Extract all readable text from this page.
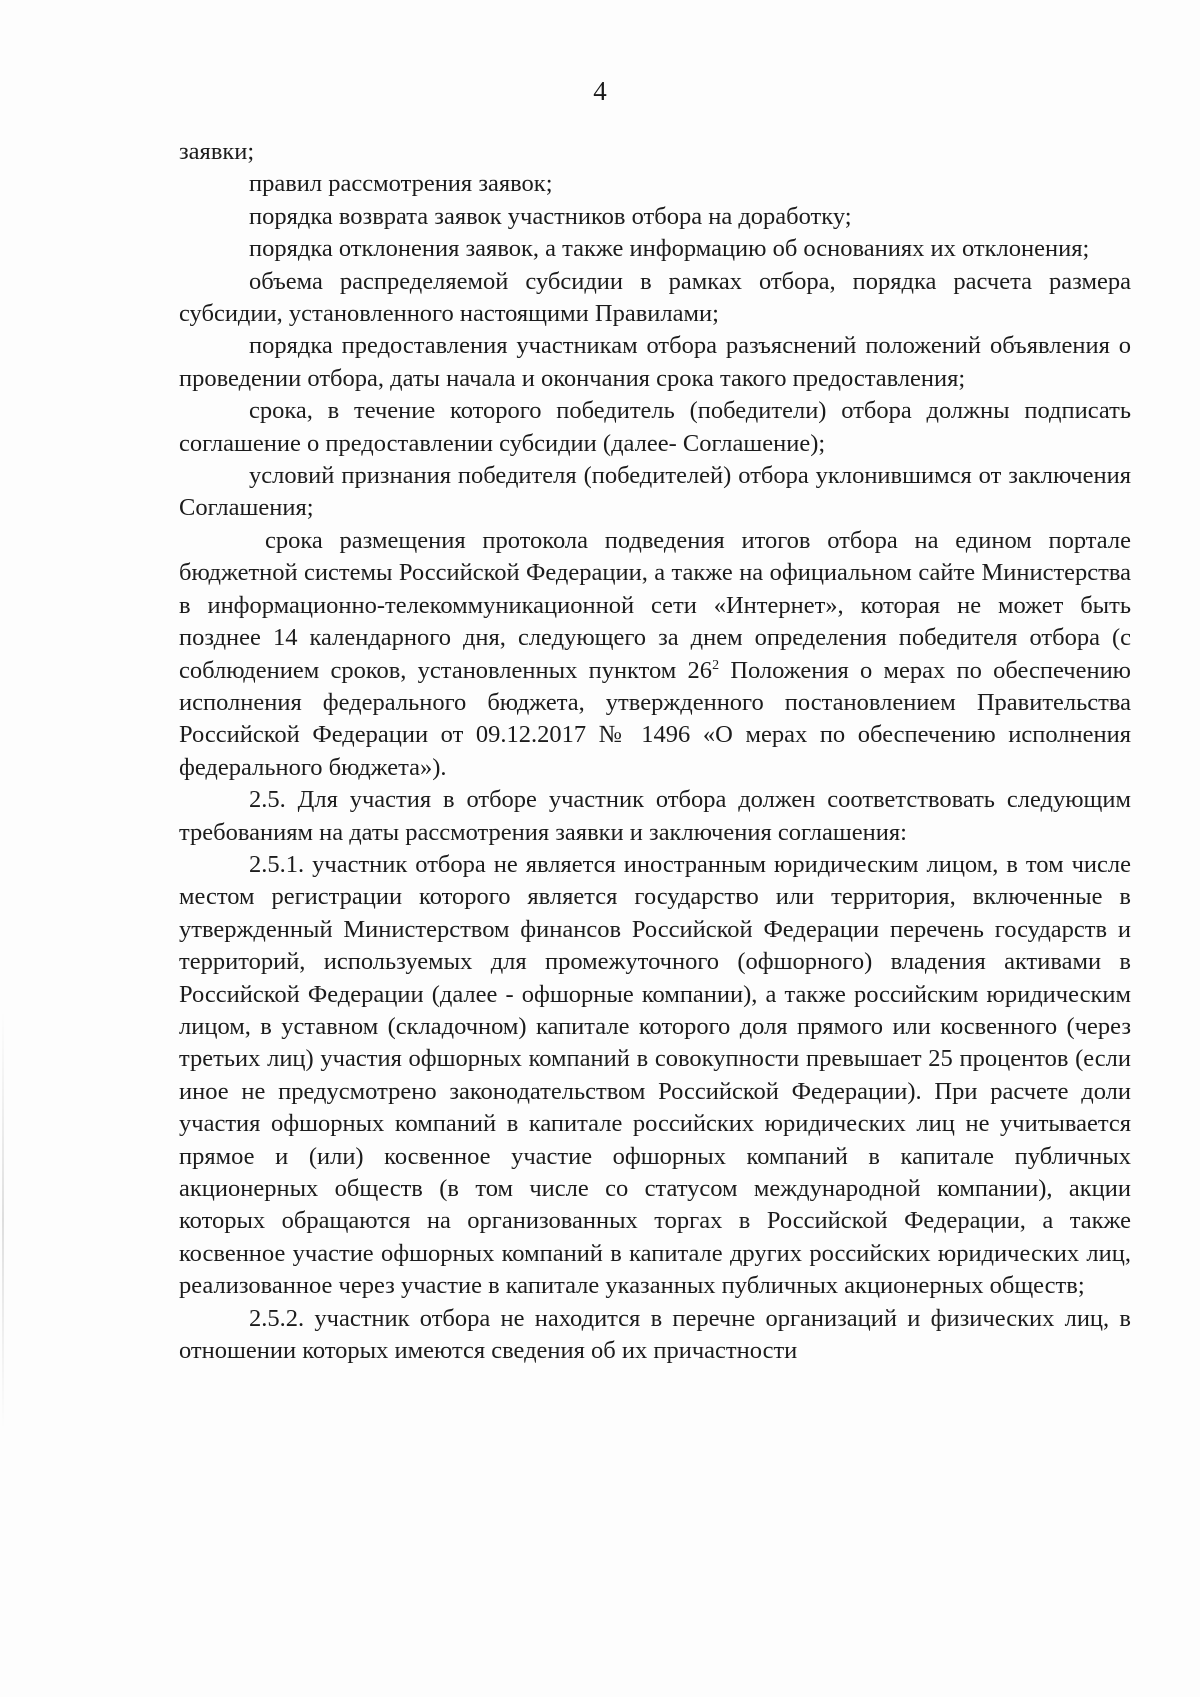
4

заявки;

правил рассмотрения заявок;

порядка возврата заявок участников отбора на доработку;

порядка отклонения заявок, а также информацию об основаниях их отклонения;

объема распределяемой субсидии в рамках отбора, порядка расчета размера субсидии, установленного настоящими Правилами;

порядка предоставления участникам отбора разъяснений положений объявления о проведении отбора, даты начала и окончания срока такого предоставления;

срока, в течение которого победитель (победители) отбора должны подписать соглашение о предоставлении субсидии (далее- Соглашение);

условий признания победителя (победителей) отбора уклонившимся от заключения Соглашения;

срока размещения протокола подведения итогов отбора на едином портале бюджетной системы Российской Федерации, а также на официальном сайте Министерства в информационно-телекоммуникационной сети «Интернет», которая не может быть позднее 14 календарного дня, следующего за днем определения победителя отбора (с соблюдением сроков, установленных пунктом $26^2$ Положения о мерах по обеспечению исполнения федерального бюджета, утвержденного постановлением Правительства Российской Федерации от 09.12.2017 № 1496 «О мерах по обеспечению исполнения федерального бюджета»).

2.5. Для участия в отборе участник отбора должен соответствовать следующим требованиям на даты рассмотрения заявки и заключения соглашения:

2.5.1. участник отбора не является иностранным юридическим лицом, в том числе местом регистрации которого является государство или территория, включенные в утвержденный Министерством финансов Российской Федерации перечень государств и территорий, используемых для промежуточного (офшорного) владения активами в Российской Федерации (далее - офшорные компании), а также российским юридическим лицом, в уставном (складочном) капитале которого доля прямого или косвенного (через третьих лиц) участия офшорных компаний в совокупности превышает 25 процентов (если иное не предусмотрено законодательством Российской Федерации). При расчете доли участия офшорных компаний в капитале российских юридических лиц не учитывается прямое и (или) косвенное участие офшорных компаний в капитале публичных акционерных обществ (в том числе со статусом международной компании), акции которых обращаются на организованных торгах в Российской Федерации, а также косвенное участие офшорных компаний в капитале других российских юридических лиц, реализованное через участие в капитале указанных публичных акционерных обществ;

2.5.2. участник отбора не находится в перечне организаций и физических лиц, в отношении которых имеются сведения об их причастности
